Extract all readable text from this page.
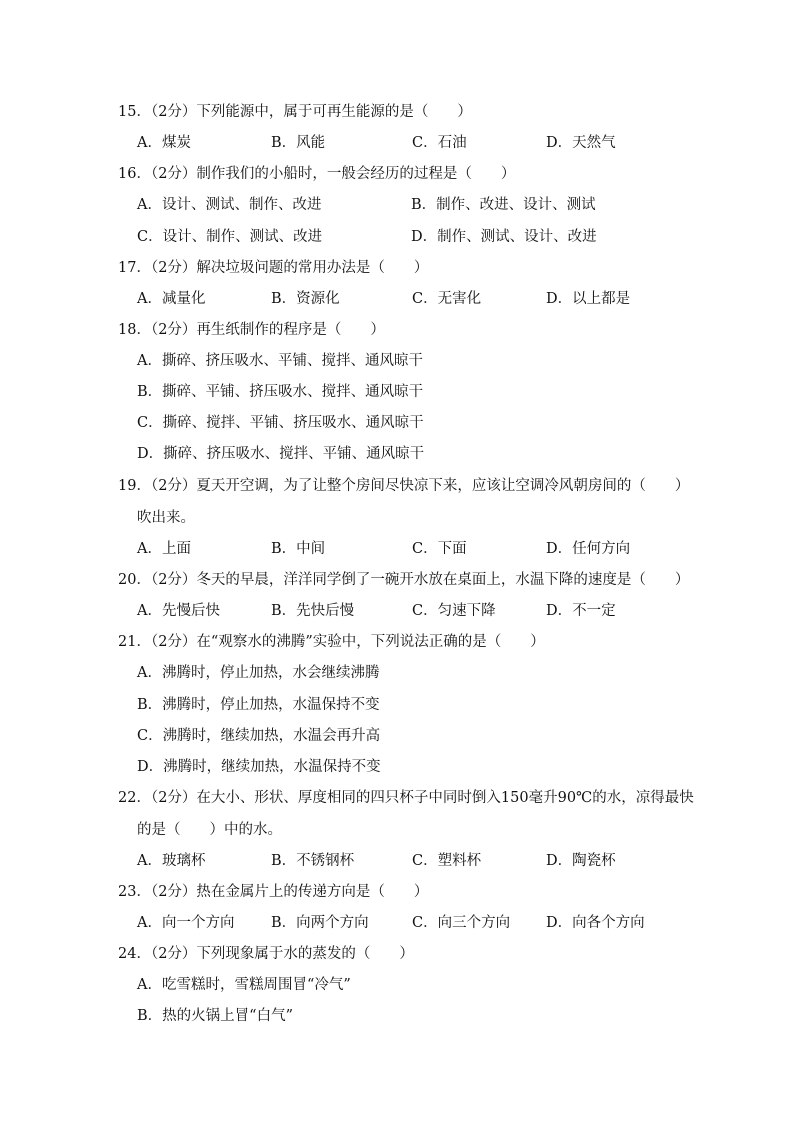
15．（2分）下列能源中，属于可再生能源的是（　　）
A．煤炭	B．风能	C．石油	D．天然气
16．（2分）制作我们的小船时，一般会经历的过程是（　　）
A．设计、测试、制作、改进	B．制作、改进、设计、测试
C．设计、制作、测试、改进	D．制作、测试、设计、改进
17．（2分）解决垃圾问题的常用办法是（　　）
A．减量化	B．资源化	C．无害化	D．以上都是
18．（2分）再生纸制作的程序是（　　）
A．撕碎、挤压吸水、平铺、搅拌、通风晾干
B．撕碎、平铺、挤压吸水、搅拌、通风晾干
C．撕碎、搅拌、平铺、挤压吸水、通风晾干
D．撕碎、挤压吸水、搅拌、平铺、通风晾干
19．（2分）夏天开空调，为了让整个房间尽快凉下来，应该让空调冷风朝房间的（　　）
吹出来。
A．上面	B．中间	C．下面	D．任何方向
20．（2分）冬天的早晨，洋洋同学倒了一碗开水放在桌面上，水温下降的速度是（　　）
A．先慢后快	B．先快后慢	C．匀速下降	D．不一定
21．（2分）在“观察水的沸腾”实验中，下列说法正确的是（　　）
A．沸腾时，停止加热，水会继续沸腾
B．沸腾时，停止加热，水温保持不变
C．沸腾时，继续加热，水温会再升高
D．沸腾时，继续加热，水温保持不变
22．（2分）在大小、形状、厚度相同的四只杯子中同时倒入150毫升90℃的水，凉得最快
的是（　　）中的水。
A．玻璃杯	B．不锈钢杯	C．塑料杯	D．陶瓷杯
23．（2分）热在金属片上的传递方向是（　　）
A．向一个方向	B．向两个方向	C．向三个方向 D．向各个方向
24．（2分）下列现象属于水的蒸发的（　　）
A．吃雪糕时，雪糕周围冒“冷气”
B．热的火锅上冒“白气”
